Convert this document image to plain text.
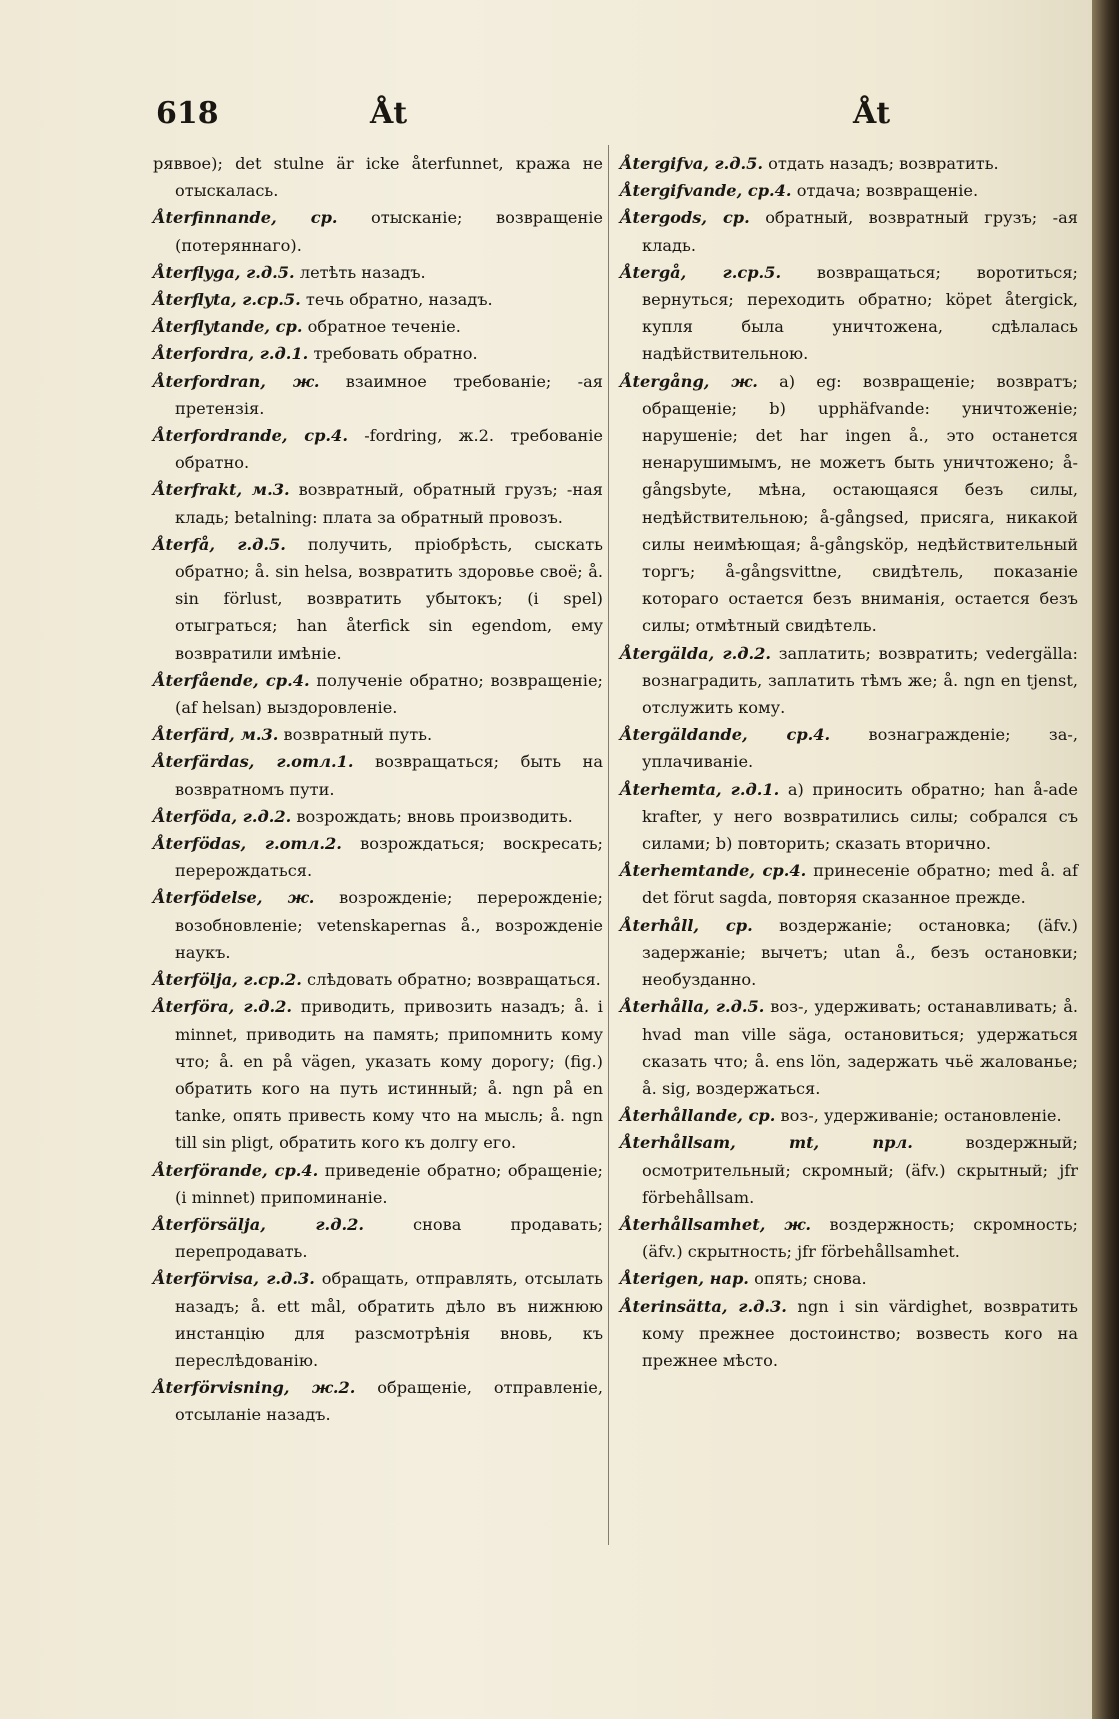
618	Åt	Åt

ряввое); det stulne är icke återfunnet, кража не отыскалась.

Återfinnande, ср. отысканіе; возвращеніе (потеряннаго).

Återflyga, г.д.5. летѣть назадъ.

Återflyta, г.ср.5. течь обратно, назадъ.

Återflytande, ср. обратное теченіе.

Återfordra, г.д.1. требовать обратно.

Återfordran, ж. взаимное требованіе; -ая претензія.

Återfordrande, ср.4. -fordring, ж.2. требованіе обратно.

Återfrakt, м.3. возвратный, обратный грузъ; -ная кладь; betalning: плата за обратный провозъ.

Återfå, г.д.5. получить, пріобрѣсть, сыскать обратно; å. sin helsa, возвратить здоровье своё; å. sin förlust, возвратить убытокъ; (i spel) отыграться; han återfick sin egendom, ему возвратили имѣніе.

Återfående, ср.4. полученіе обратно; возвращеніе; (af helsan) выздоровленіе.

Återfärd, м.3. возвратный путь.

Återfärdas, г.отл.1. возвращаться; быть на возвратномъ пути.

Återföda, г.д.2. возрождать; вновь производить.

Återfödas, г.отл.2. возрождаться; воскресать; перерождаться.

Återfödelse, ж. возрожденіе; перерожденіе; возобновленіе; vetenskapernas å., возрожденіе наукъ.

Återfölja, г.ср.2. слѣдовать обратно; возвращаться.

Återföra, г.д.2. приводить, привозить назадъ; å. i minnet, приводить на память; припомнить кому что; å. en på vägen, указать кому дорогу; (fig.) обратить кого на путь истинный; å. ngn på en tanke, опять привесть кому что на мысль; å. ngn till sin pligt, обратить кого къ долгу его.

Återförande, ср.4. приведеніе обратно; обращеніе; (i minnet) припоминаніе.

Återförsälja, г.д.2. снова продавать; перепродавать.

Återförvisa, г.д.3. обращать, отправлять, отсылать назадъ; å. ett mål, обратить дѣло въ нижнюю инстанцію для разсмотрѣнія вновь, къ переслѣдованію.

Återförvisning, ж.2. обращеніе, отправленіе, отсыланіе назадъ.

Återgifva, г.д.5. отдать назадъ; возвратить.

Återgifvande, ср.4. отдача; возвращеніе.

Återgods, ср. обратный, возвратный грузъ; -ая кладь.

Återgå, г.ср.5. возвращаться; воротиться; вернуться; переходить обратно; köpet återgick, купля была уничтожена, сдѣлалась надѣйствительною.

Återgång, ж. a) eg: возвращеніе; возвратъ; обращеніе; b) upphäfvande: уничтоженіе; нарушеніе; det har ingen å., это останется ненарушимымъ, не можетъ быть уничтожено; å-gångsbyte, мѣна, остающаяся безъ силы, недѣйствительною; å-gångsed, присяга, никакой силы неимѣющая; å-gångsköp, недѣйствительный торгъ; å-gångsvittne, свидѣтель, показаніе котораго остается безъ вниманія, остается безъ силы; отмѣтный свидѣтель.

Återgälda, г.д.2. заплатить; возвратить; vedergälla: вознаградить, заплатить тѣмъ же; å. ngn en tjenst, отслужить кому.

Återgäldande, ср.4. вознагражденіе; за-, уплачиваніе.

Återhemta, г.д.1. a) приносить обратно; han å-ade krafter, у него возвратились силы; собрался съ силами; b) повторить; сказать вторично.

Återhemtande, ср.4. принесеніе обратно; med å. af det förut sagda, повторяя сказанное прежде.

Återhåll, ср. воздержаніе; остановка; (äfv.) задержаніе; вычетъ; utan å., безъ остановки; необузданно.

Återhålla, г.д.5. воз-, удерживать; останавливать; å. hvad man ville säga, остановиться; удержаться сказать что; å. ens lön, задержать чьё жалованье; å. sig, воздержаться.

Återhållande, ср. воз-, удерживаніе; остановленіе.

Återhållsam, mt, прл. воздержный; осмотрительный; скромный; (äfv.) скрытный; jfr förbehållsam.

Återhållsamhet, ж. воздержность; скромность; (äfv.) скрытность; jfr förbehållsamhet.

Återigen, нар. опять; снова.

Återinsätta, г.д.3. ngn i sin värdighet, возвратить кому прежнее достоинство; возвесть кого на прежнее мѣсто.
